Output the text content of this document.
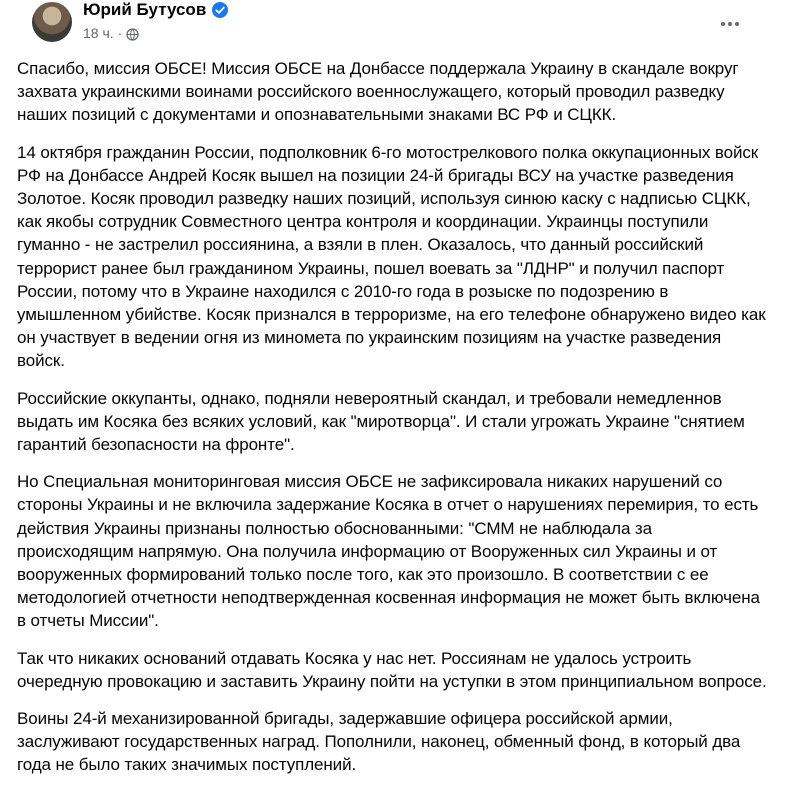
Юрий Бутусов
18 ч. ·

Спасибо, миссия ОБСЕ! Миссия ОБСЕ на Донбассе поддержала Украину в скандале вокруг захвата украинскими воинами российского военнослужащего, который проводил разведку наших позиций с документами и опознавательными знаками ВС РФ и СЦКК.

14 октября гражданин России, подполковник 6-го мотострелкового полка оккупационных войск РФ на Донбассе Андрей Косяк вышел на позиции 24-й бригады ВСУ на участке разведения Золотое. Косяк проводил разведку наших позиций, используя синюю каску с надписью СЦКК, как якобы сотрудник Совместного центра контроля и координации. Украинцы поступили гуманно - не застрелил россиянина, а взяли в плен. Оказалось, что данный российский террорист ранее был гражданином Украины, пошел воевать за "ЛДНР" и получил паспорт России, потому что в Украине находился с 2010-го года в розыске по подозрению в умышленном убийстве. Косяк признался в терроризме, на его телефоне обнаружено видео как он участвует в ведении огня из миномета по украинским позициям на участке разведения войск.

Российские оккупанты, однако, подняли невероятный скандал, и требовали немедленнов выдать им Косяка без всяких условий, как "миротворца". И стали угрожать Украине "снятием гарантий безопасности на фронте".

Но Специальная мониторинговая миссия ОБСЕ не зафиксировала никаких нарушений со стороны Украины и не включила задержание Косяка в отчет о нарушениях перемирия, то есть действия Украины признаны полностью обоснованными: "СММ не наблюдала за происходящим напрямую. Она получила информацию от Вооруженных сил Украины и от вооруженных формирований только после того, как это произошло. В соответствии с ее методологией отчетности неподтвержденная косвенная информация не может быть включена в отчеты Миссии".

Так что никаких оснований отдавать Косяка у нас нет. Россиянам не удалось устроить очередную провокацию и заставить Украину пойти на уступки в этом принципиальном вопросе.

Воины 24-й механизированной бригады, задержавшие офицера российской армии, заслуживают государственных наград. Пополнили, наконец, обменный фонд, в который два года не было таких значимых поступлений.
